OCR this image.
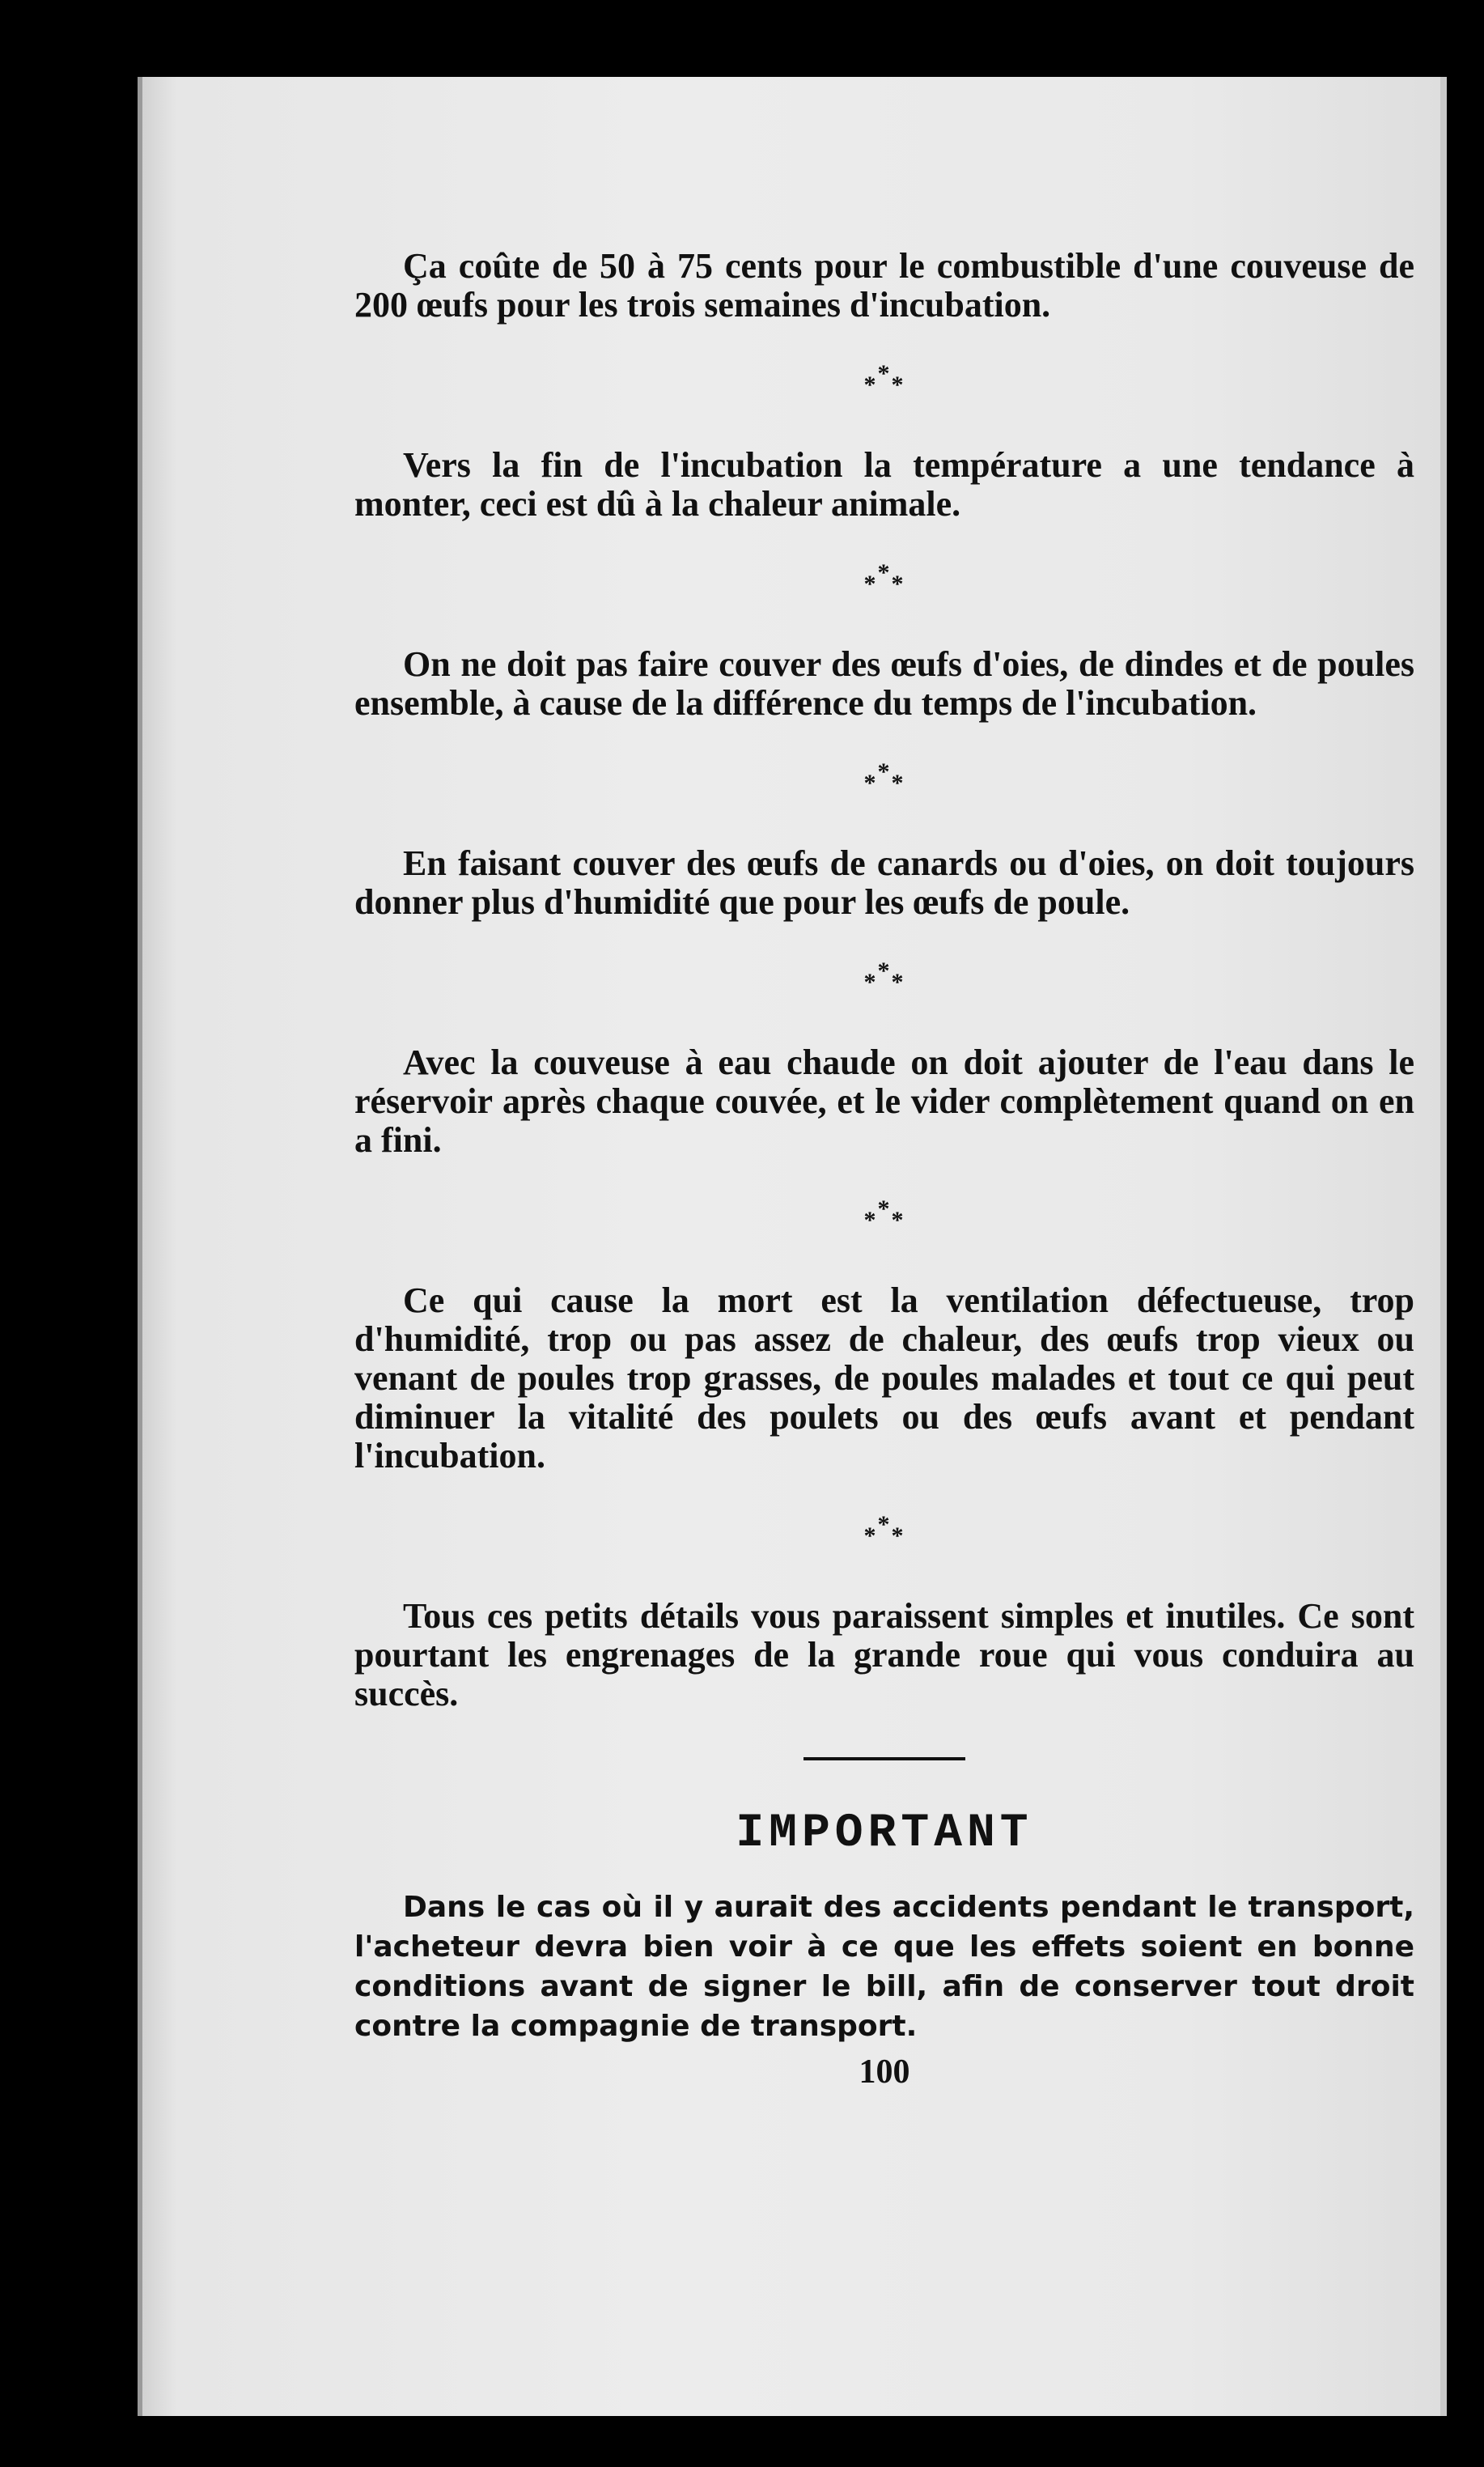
Ça coûte de 50 à 75 cents pour le combustible d'une couveuse de 200 œufs pour les trois semaines d'incubation.

* * *

Vers la fin de l'incubation la température a une tendance à monter, ceci est dû à la chaleur animale.

* * *

On ne doit pas faire couver des œufs d'oies, de dindes et de poules ensemble, à cause de la différence du temps de l'incubation.

* * *

En faisant couver des œufs de canards ou d'oies, on doit toujours donner plus d'humidité que pour les œufs de poule.

* * *

Avec la couveuse à eau chaude on doit ajouter de l'eau dans le réservoir après chaque couvée, et le vider complètement quand on en a fini.

* * *

Ce qui cause la mort est la ventilation défectueuse, trop d'humidité, trop ou pas assez de chaleur, des œufs trop vieux ou venant de poules trop grasses, de poules malades et tout ce qui peut diminuer la vitalité des poulets ou des œufs avant et pendant l'incubation.

* * *

Tous ces petits détails vous paraissent simples et inutiles. Ce sont pourtant les engrenages de la grande roue qui vous conduira au succès.

IMPORTANT

Dans le cas où il y aurait des accidents pendant le transport, l'acheteur devra bien voir à ce que les effets soient en bonne conditions avant de signer le bill, afin de conserver tout droit contre la compagnie de transport.

100
